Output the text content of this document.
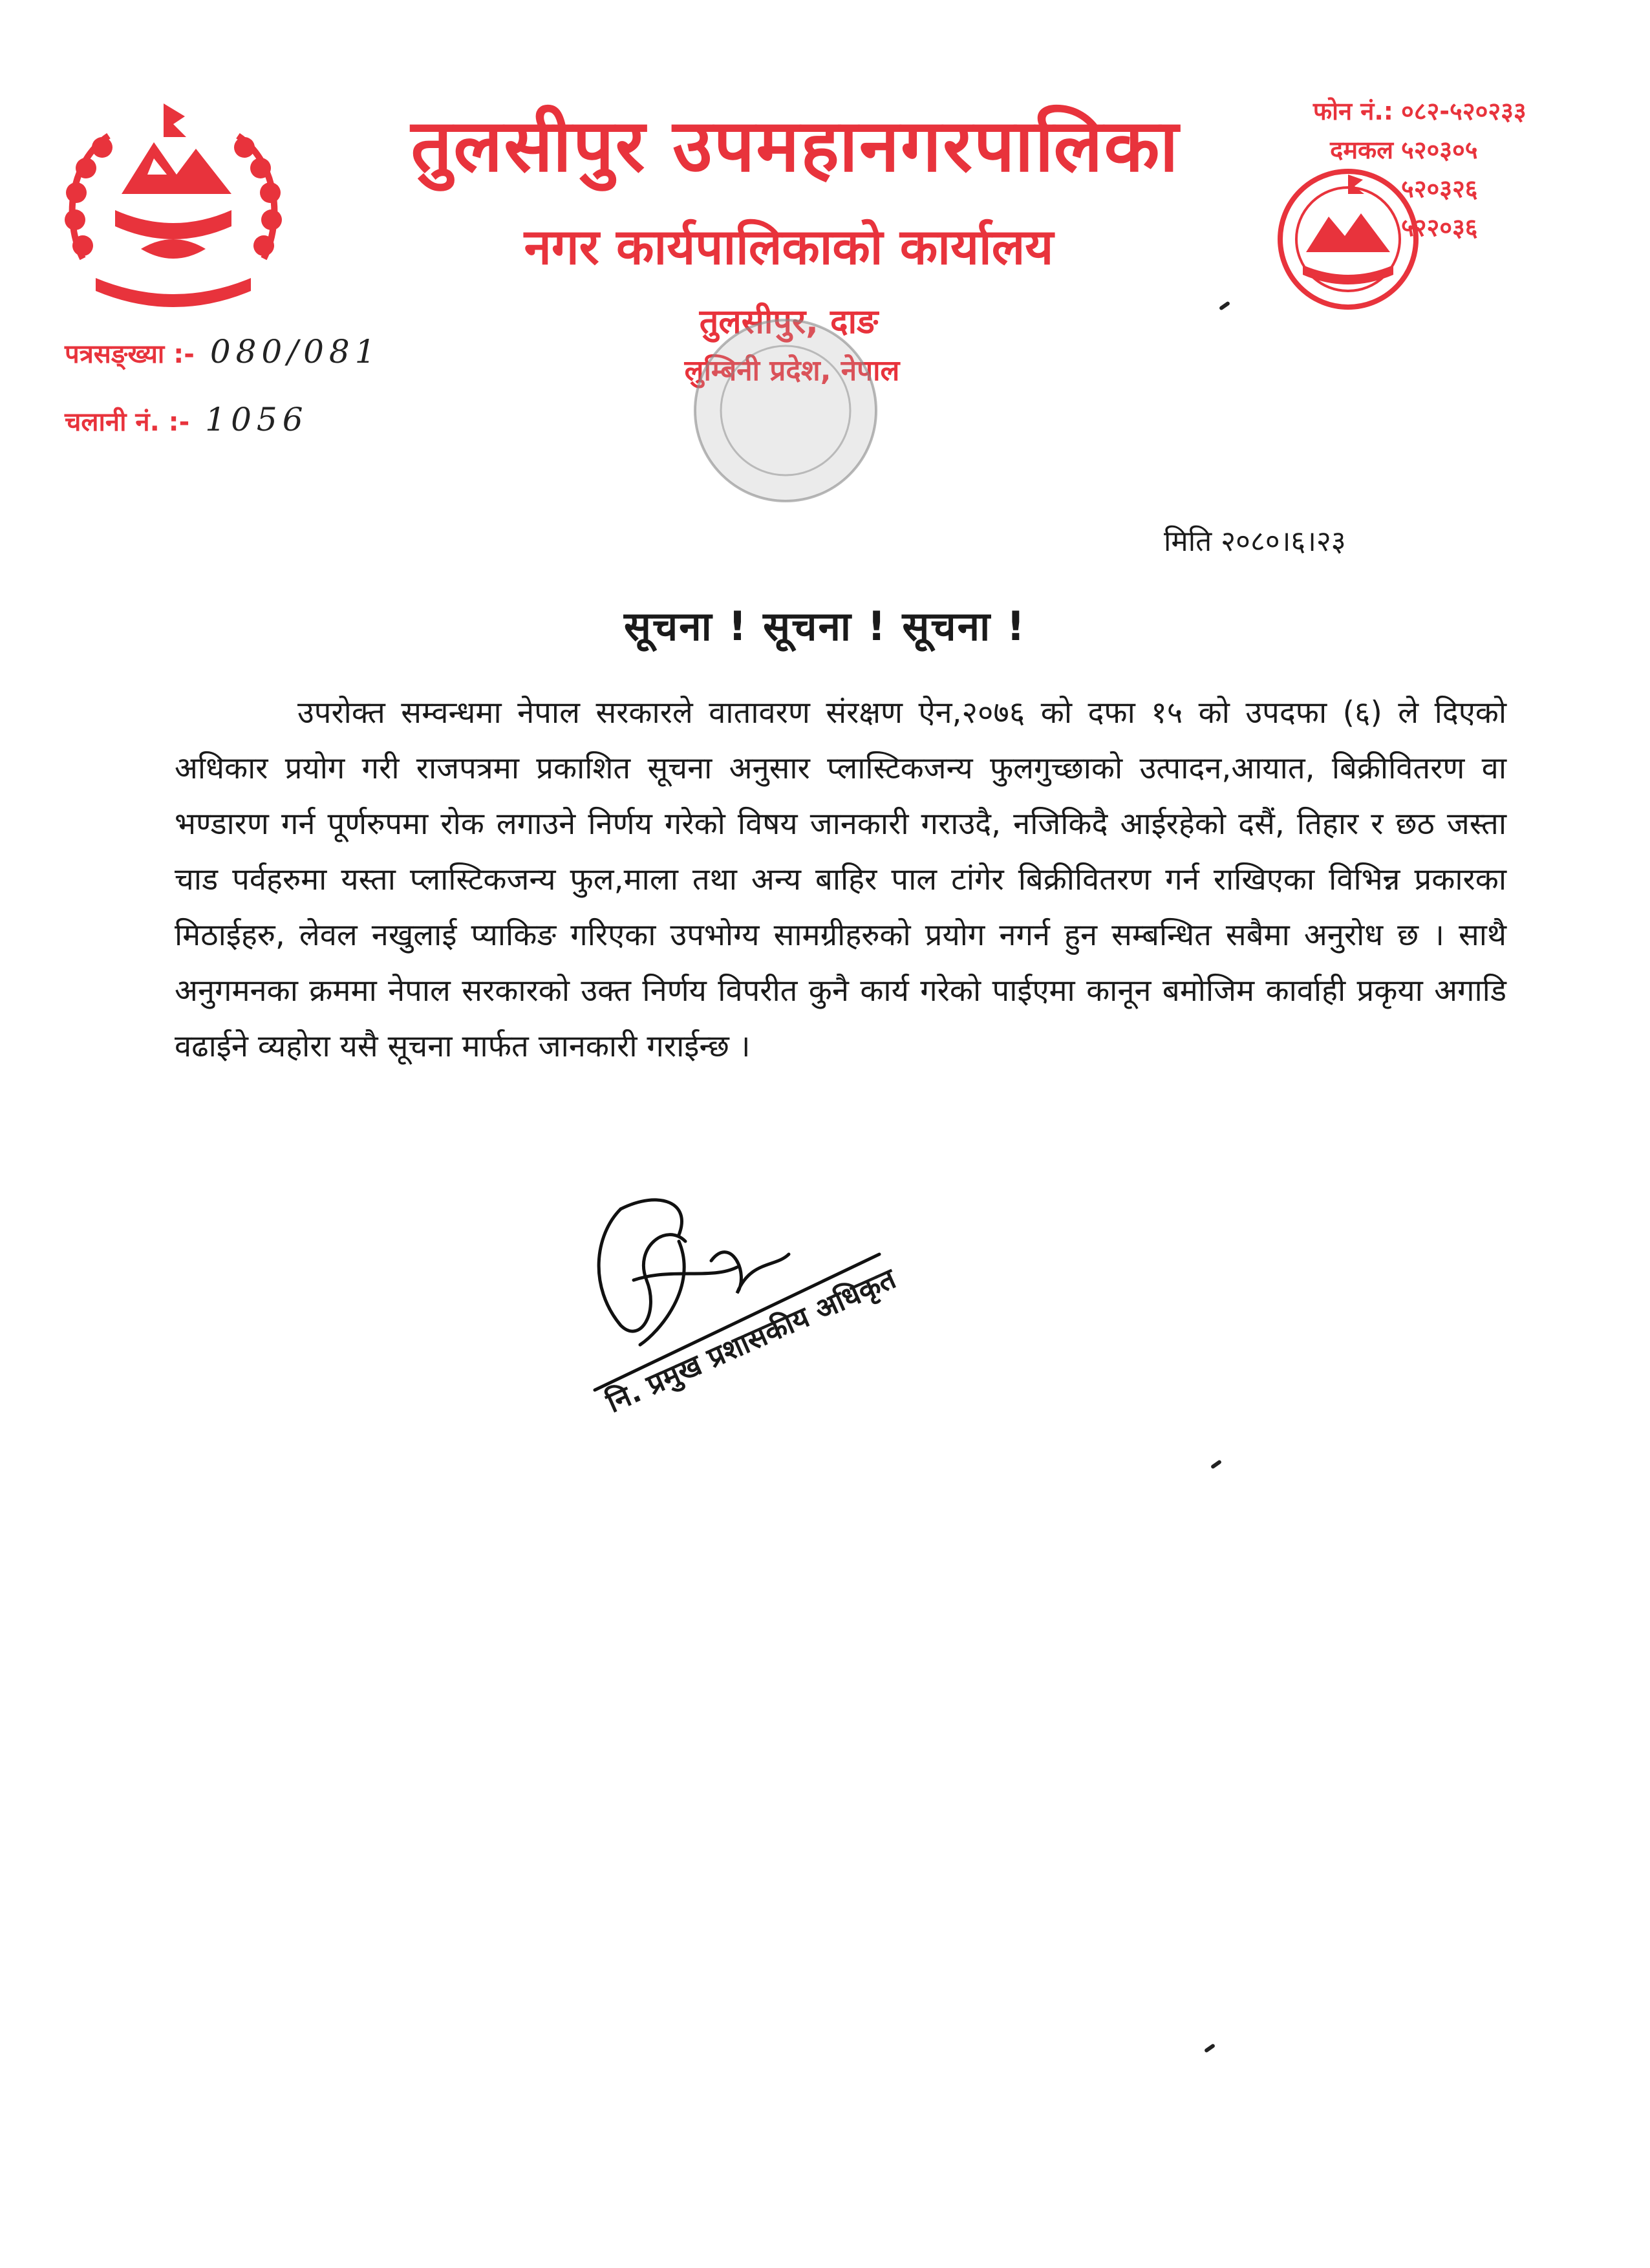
तुलसीपुर उपमहानगरपालिका
नगर कार्यपालिकाको कार्यालय
तुलसीपुर, दाङ
लुम्बिनी प्रदेश, नेपाल
फोन नं.: ०८२-५२०२३३
दमकल ५२०३०५
५२०३२६
५२२०३६
पत्रसङ्ख्या :- 080/081
चलानी नं. :- 1056
मिति २०८०।६।२३
सूचना ! सूचना ! सूचना !
उपरोक्त सम्वन्धमा नेपाल सरकारले वातावरण संरक्षण ऐन,२०७६ को दफा १५ को उपदफा (६) ले दिएको अधिकार प्रयोग गरी राजपत्रमा प्रकाशित सूचना अनुसार प्लास्टिकजन्य फुलगुच्छाको उत्पादन,आयात, बिक्रीवितरण वा भण्डारण गर्न पूर्णरुपमा रोक लगाउने निर्णय गरेको विषय जानकारी गराउदै, नजिकिदै आईरहेको दसैं, तिहार र छठ जस्ता चाड पर्वहरुमा यस्ता प्लास्टिकजन्य फुल,माला तथा अन्य बाहिर पाल टांगेर बिक्रीवितरण गर्न राखिएका विभिन्न प्रकारका मिठाईहरु, लेवल नखुलाई प्याकिङ गरिएका उपभोग्य सामग्रीहरुको प्रयोग नगर्न हुन सम्बन्धित सबैमा अनुरोध छ । साथै अनुगमनका क्रममा नेपाल सरकारको उक्त निर्णय विपरीत कुनै कार्य गरेको पाईएमा कानून बमोजिम कार्वाही प्रकृया अगाडि वढाईने व्यहोरा यसै सूचना मार्फत जानकारी गराईन्छ ।
नि. प्रमुख प्रशासकीय अधिकृत
